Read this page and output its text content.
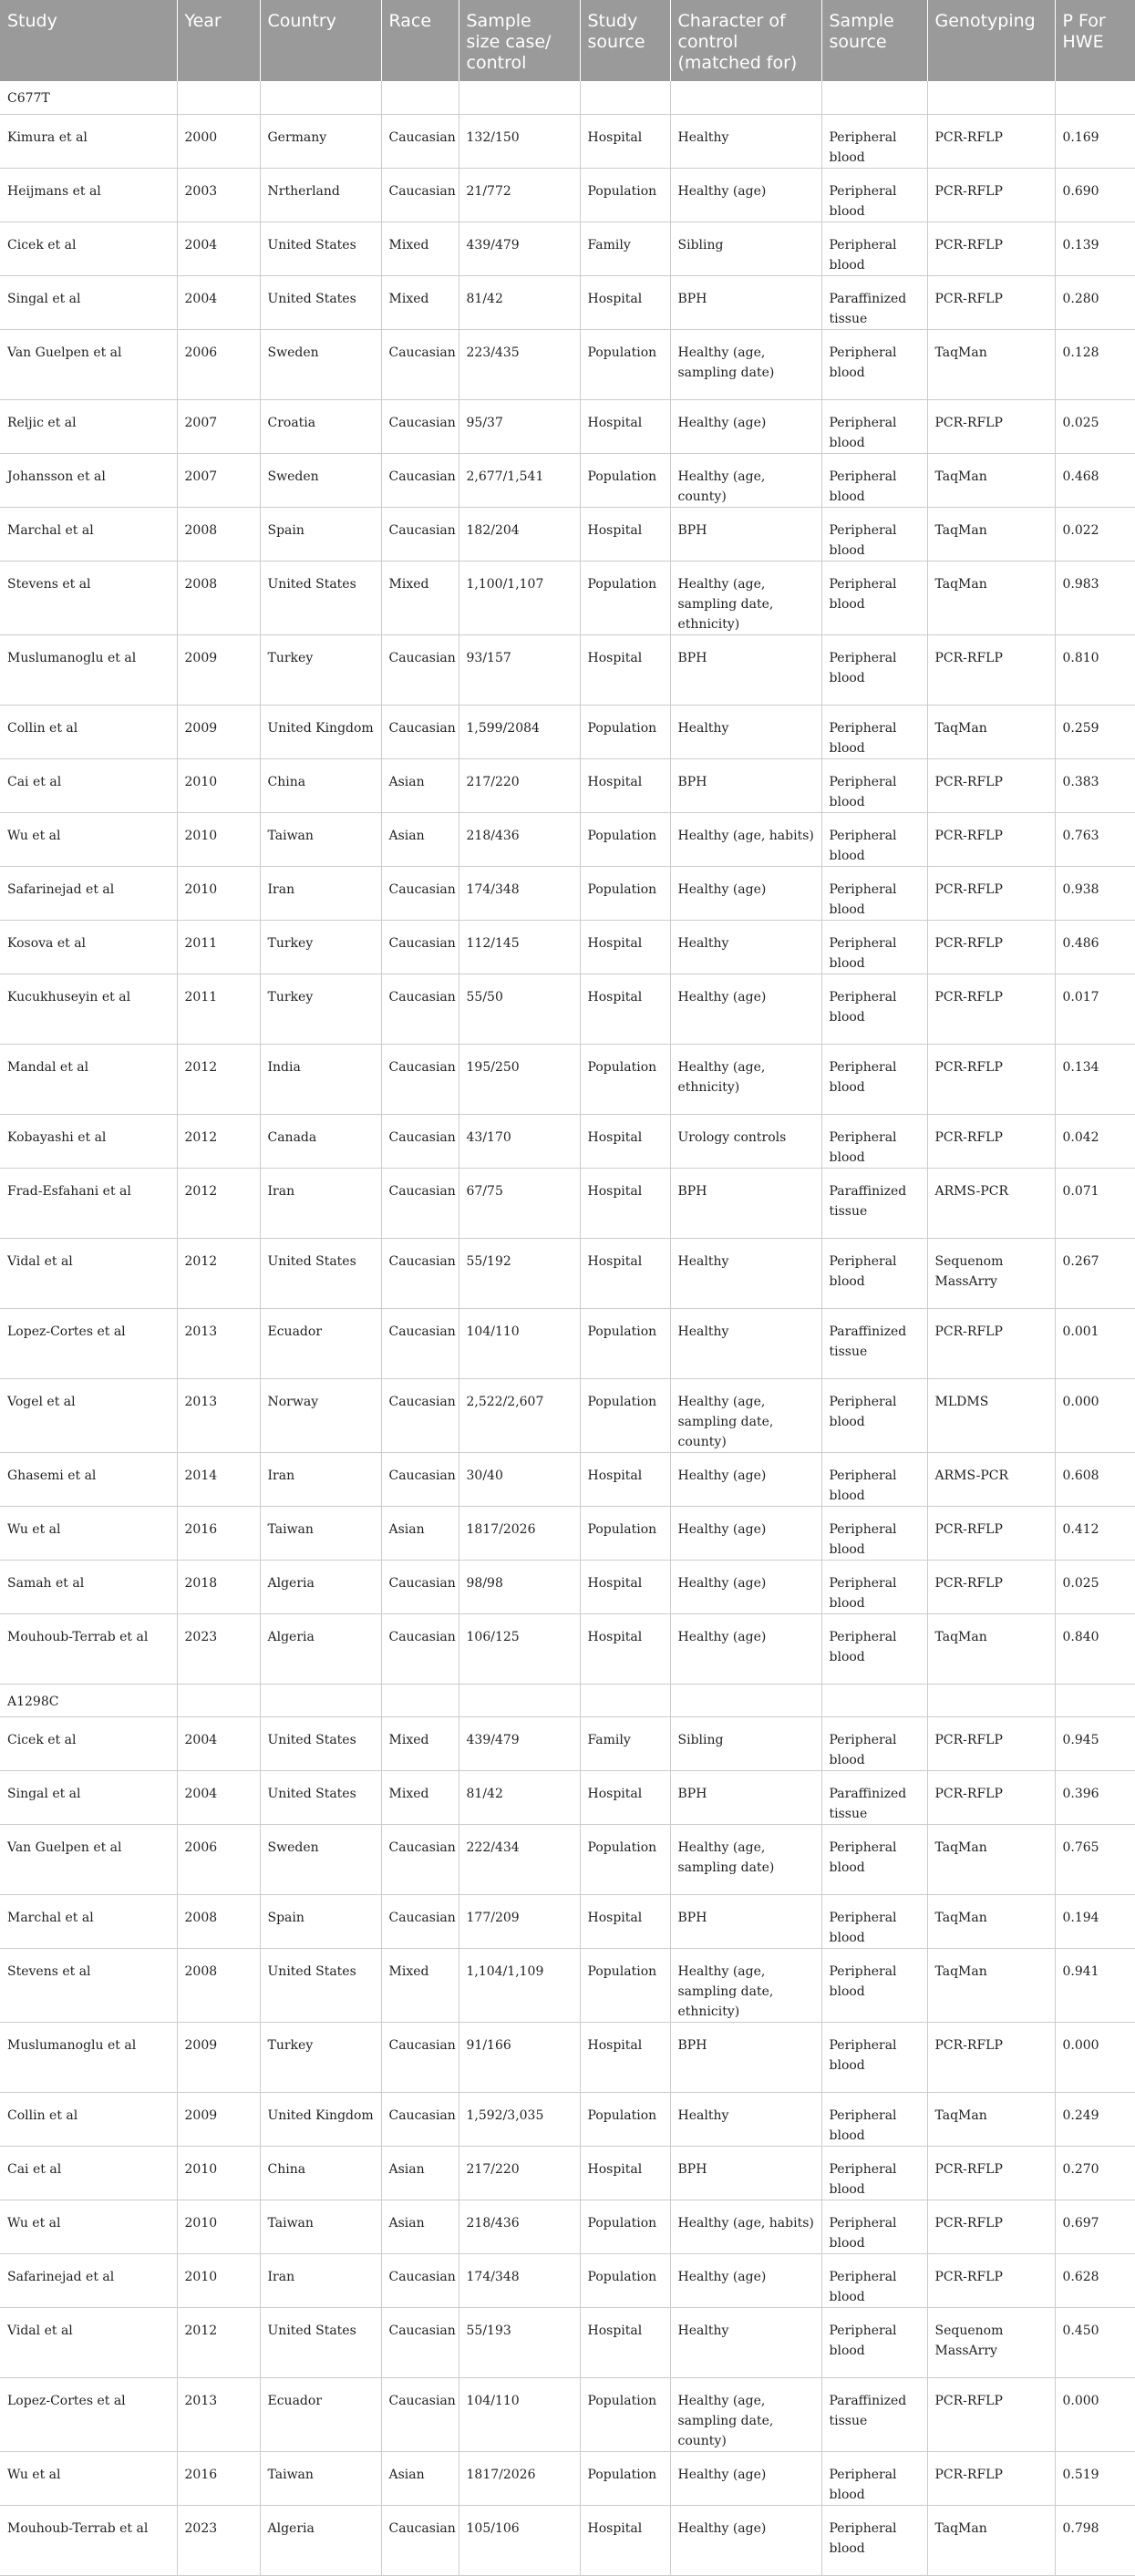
Study	Year	Country	Race	Sample size case/ control	Study source	Character of control (matched for)	Sample source	Genotyping	P For HWE
C677T									
Kimura et al	2000	Germany	Caucasian	132/150	Hospital	Healthy	Peripheral blood	PCR-RFLP	0.169
Heijmans et al	2003	Nrtherland	Caucasian	21/772	Population	Healthy (age)	Peripheral blood	PCR-RFLP	0.690
Cicek et al	2004	United States	Mixed	439/479	Family	Sibling	Peripheral blood	PCR-RFLP	0.139
Singal et al	2004	United States	Mixed	81/42	Hospital	BPH	Paraffinized tissue	PCR-RFLP	0.280
Van Guelpen et al	2006	Sweden	Caucasian	223/435	Population	Healthy (age, sampling date)	Peripheral blood	TaqMan	0.128
Reljic et al	2007	Croatia	Caucasian	95/37	Hospital	Healthy (age)	Peripheral blood	PCR-RFLP	0.025
Johansson et al	2007	Sweden	Caucasian	2,677/1,541	Population	Healthy (age, county)	Peripheral blood	TaqMan	0.468
Marchal et al	2008	Spain	Caucasian	182/204	Hospital	BPH	Peripheral blood	TaqMan	0.022
Stevens et al	2008	United States	Mixed	1,100/1,107	Population	Healthy (age, sampling date, ethnicity)	Peripheral blood	TaqMan	0.983
Muslumanoglu et al	2009	Turkey	Caucasian	93/157	Hospital	BPH	Peripheral blood	PCR-RFLP	0.810
Collin et al	2009	United Kingdom	Caucasian	1,599/2084	Population	Healthy	Peripheral blood	TaqMan	0.259
Cai et al	2010	China	Asian	217/220	Hospital	BPH	Peripheral blood	PCR-RFLP	0.383
Wu et al	2010	Taiwan	Asian	218/436	Population	Healthy (age, habits)	Peripheral blood	PCR-RFLP	0.763
Safarinejad et al	2010	Iran	Caucasian	174/348	Population	Healthy (age)	Peripheral blood	PCR-RFLP	0.938
Kosova et al	2011	Turkey	Caucasian	112/145	Hospital	Healthy	Peripheral blood	PCR-RFLP	0.486
Kucukhuseyin et al	2011	Turkey	Caucasian	55/50	Hospital	Healthy (age)	Peripheral blood	PCR-RFLP	0.017
Mandal et al	2012	India	Caucasian	195/250	Population	Healthy (age, ethnicity)	Peripheral blood	PCR-RFLP	0.134
Kobayashi et al	2012	Canada	Caucasian	43/170	Hospital	Urology controls	Peripheral blood	PCR-RFLP	0.042
Frad-Esfahani et al	2012	Iran	Caucasian	67/75	Hospital	BPH	Paraffinized tissue	ARMS-PCR	0.071
Vidal et al	2012	United States	Caucasian	55/192	Hospital	Healthy	Peripheral blood	Sequenom MassArry	0.267
Lopez-Cortes et al	2013	Ecuador	Caucasian	104/110	Population	Healthy	Paraffinized tissue	PCR-RFLP	0.001
Vogel et al	2013	Norway	Caucasian	2,522/2,607	Population	Healthy (age, sampling date, county)	Peripheral blood	MLDMS	0.000
Ghasemi et al	2014	Iran	Caucasian	30/40	Hospital	Healthy (age)	Peripheral blood	ARMS-PCR	0.608
Wu et al	2016	Taiwan	Asian	1817/2026	Population	Healthy (age)	Peripheral blood	PCR-RFLP	0.412
Samah et al	2018	Algeria	Caucasian	98/98	Hospital	Healthy (age)	Peripheral blood	PCR-RFLP	0.025
Mouhoub-Terrab et al	2023	Algeria	Caucasian	106/125	Hospital	Healthy (age)	Peripheral blood	TaqMan	0.840
A1298C									
Cicek et al	2004	United States	Mixed	439/479	Family	Sibling	Peripheral blood	PCR-RFLP	0.945
Singal et al	2004	United States	Mixed	81/42	Hospital	BPH	Paraffinized tissue	PCR-RFLP	0.396
Van Guelpen et al	2006	Sweden	Caucasian	222/434	Population	Healthy (age, sampling date)	Peripheral blood	TaqMan	0.765
Marchal et al	2008	Spain	Caucasian	177/209	Hospital	BPH	Peripheral blood	TaqMan	0.194
Stevens et al	2008	United States	Mixed	1,104/1,109	Population	Healthy (age, sampling date, ethnicity)	Peripheral blood	TaqMan	0.941
Muslumanoglu et al	2009	Turkey	Caucasian	91/166	Hospital	BPH	Peripheral blood	PCR-RFLP	0.000
Collin et al	2009	United Kingdom	Caucasian	1,592/3,035	Population	Healthy	Peripheral blood	TaqMan	0.249
Cai et al	2010	China	Asian	217/220	Hospital	BPH	Peripheral blood	PCR-RFLP	0.270
Wu et al	2010	Taiwan	Asian	218/436	Population	Healthy (age, habits)	Peripheral blood	PCR-RFLP	0.697
Safarinejad et al	2010	Iran	Caucasian	174/348	Population	Healthy (age)	Peripheral blood	PCR-RFLP	0.628
Vidal et al	2012	United States	Caucasian	55/193	Hospital	Healthy	Peripheral blood	Sequenom MassArry	0.450
Lopez-Cortes et al	2013	Ecuador	Caucasian	104/110	Population	Healthy (age, sampling date, county)	Paraffinized tissue	PCR-RFLP	0.000
Wu et al	2016	Taiwan	Asian	1817/2026	Population	Healthy (age)	Peripheral blood	PCR-RFLP	0.519
Mouhoub-Terrab et al	2023	Algeria	Caucasian	105/106	Hospital	Healthy (age)	Peripheral blood	TaqMan	0.798
